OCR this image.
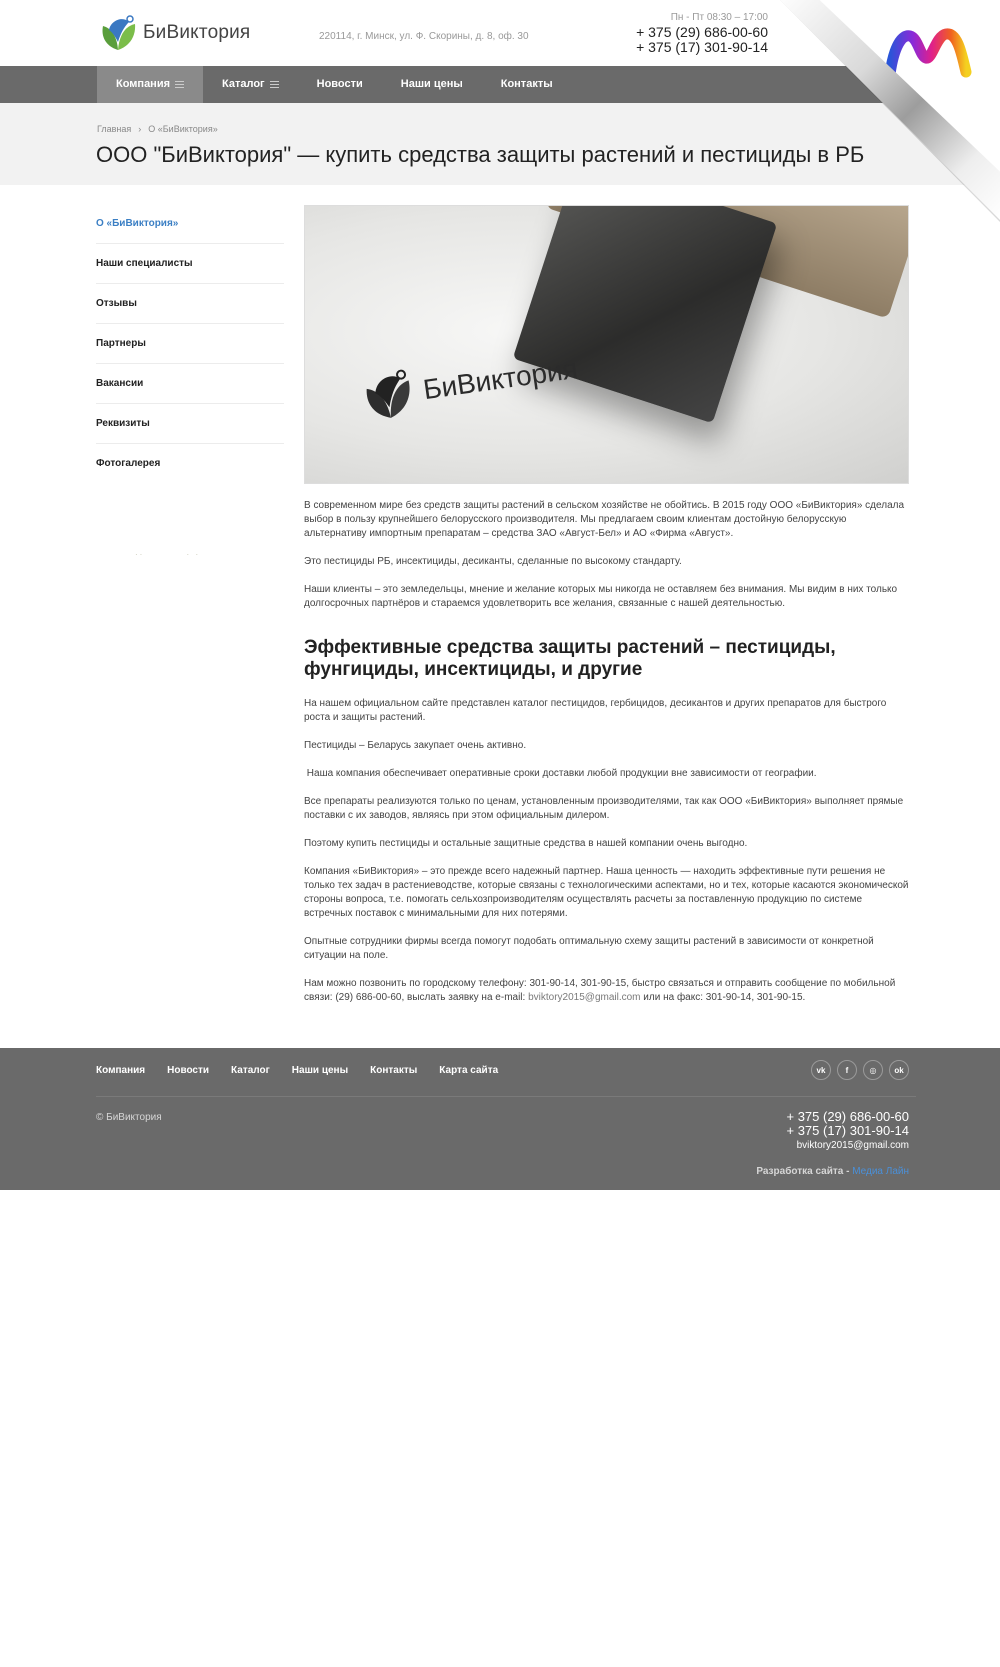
БиВиктория	220114, г. Минск, ул. Ф. Скорины, д. 8, оф. 30
Пн - Пт 08:30 – 17:00
+ 375 (29) 686-00-60
+ 375 (17) 301-90-14
Компания	Каталог	Новости	Наши цены	Контакты
Главная › О «БиВиктория»
ООО "БиВиктория" — купить средства защиты растений и пестициды в РБ
О «БиВиктория»
Наши специалисты
Отзывы
Партнеры
Вакансии
Реквизиты
Фотогалерея
··          · ·
БиВиктория

В современном мире без средств защиты растений в сельском хозяйстве не обойтись. В 2015 году ООО «БиВиктория» сделала выбор в пользу крупнейшего белорусского производителя. Мы предлагаем своим клиентам достойную белорусскую альтернативу импортным препаратам – средства ЗАО «Август-Бел» и АО «Фирма «Август».

Это пестициды РБ, инсектициды, десиканты, сделанные по высокому стандарту.

Наши клиенты – это земледельцы, мнение и желание которых мы никогда не оставляем без внимания. Мы видим в них только долгосрочных партнёров и стараемся удовлетворить все желания, связанные с нашей деятельностью.

Эффективные средства защиты растений – пестициды, фунгициды, инсектициды, и другие

На нашем официальном сайте представлен каталог пестицидов, гербицидов, десикантов и других препаратов для быстрого роста и защиты растений.

Пестициды – Беларусь закупает очень активно.

Наша компания обеспечивает оперативные сроки доставки любой продукции вне зависимости от географии.

Все препараты реализуются только по ценам, установленным производителями, так как ООО «БиВиктория» выполняет прямые поставки с их заводов, являясь при этом официальным дилером.

Поэтому купить пестициды и остальные защитные средства в нашей компании очень выгодно.

Компания «БиВиктория» – это прежде всего надежный партнер. Наша ценность — находить эффективные пути решения не только тех задач в растениеводстве, которые связаны с технологическими аспектами, но и тех, которые касаются экономической стороны вопроса, т.е. помогать сельхозпроизводителям осуществлять расчеты за поставленную продукцию по системе встречных поставок с минимальными для них потерями.

Опытные сотрудники фирмы всегда помогут подобать оптимальную схему защиты растений в зависимости от конкретной ситуации на поле.

Нам можно позвонить по городскому телефону: 301-90-14, 301-90-15, быстро связаться и отправить сообщение по мобильной связи: (29) 686-00-60, выслать заявку на e-mail: bviktory2015@gmail.com или на факс: 301-90-14, 301-90-15.

Компания Новости Каталог Наши цены Контакты Карта сайта	vk	f	◎	ok
© БиВиктория	+ 375 (29) 686-00-60
+ 375 (17) 301-90-14
bviktory2015@gmail.com
Разработка сайта - Медиа Лайн
